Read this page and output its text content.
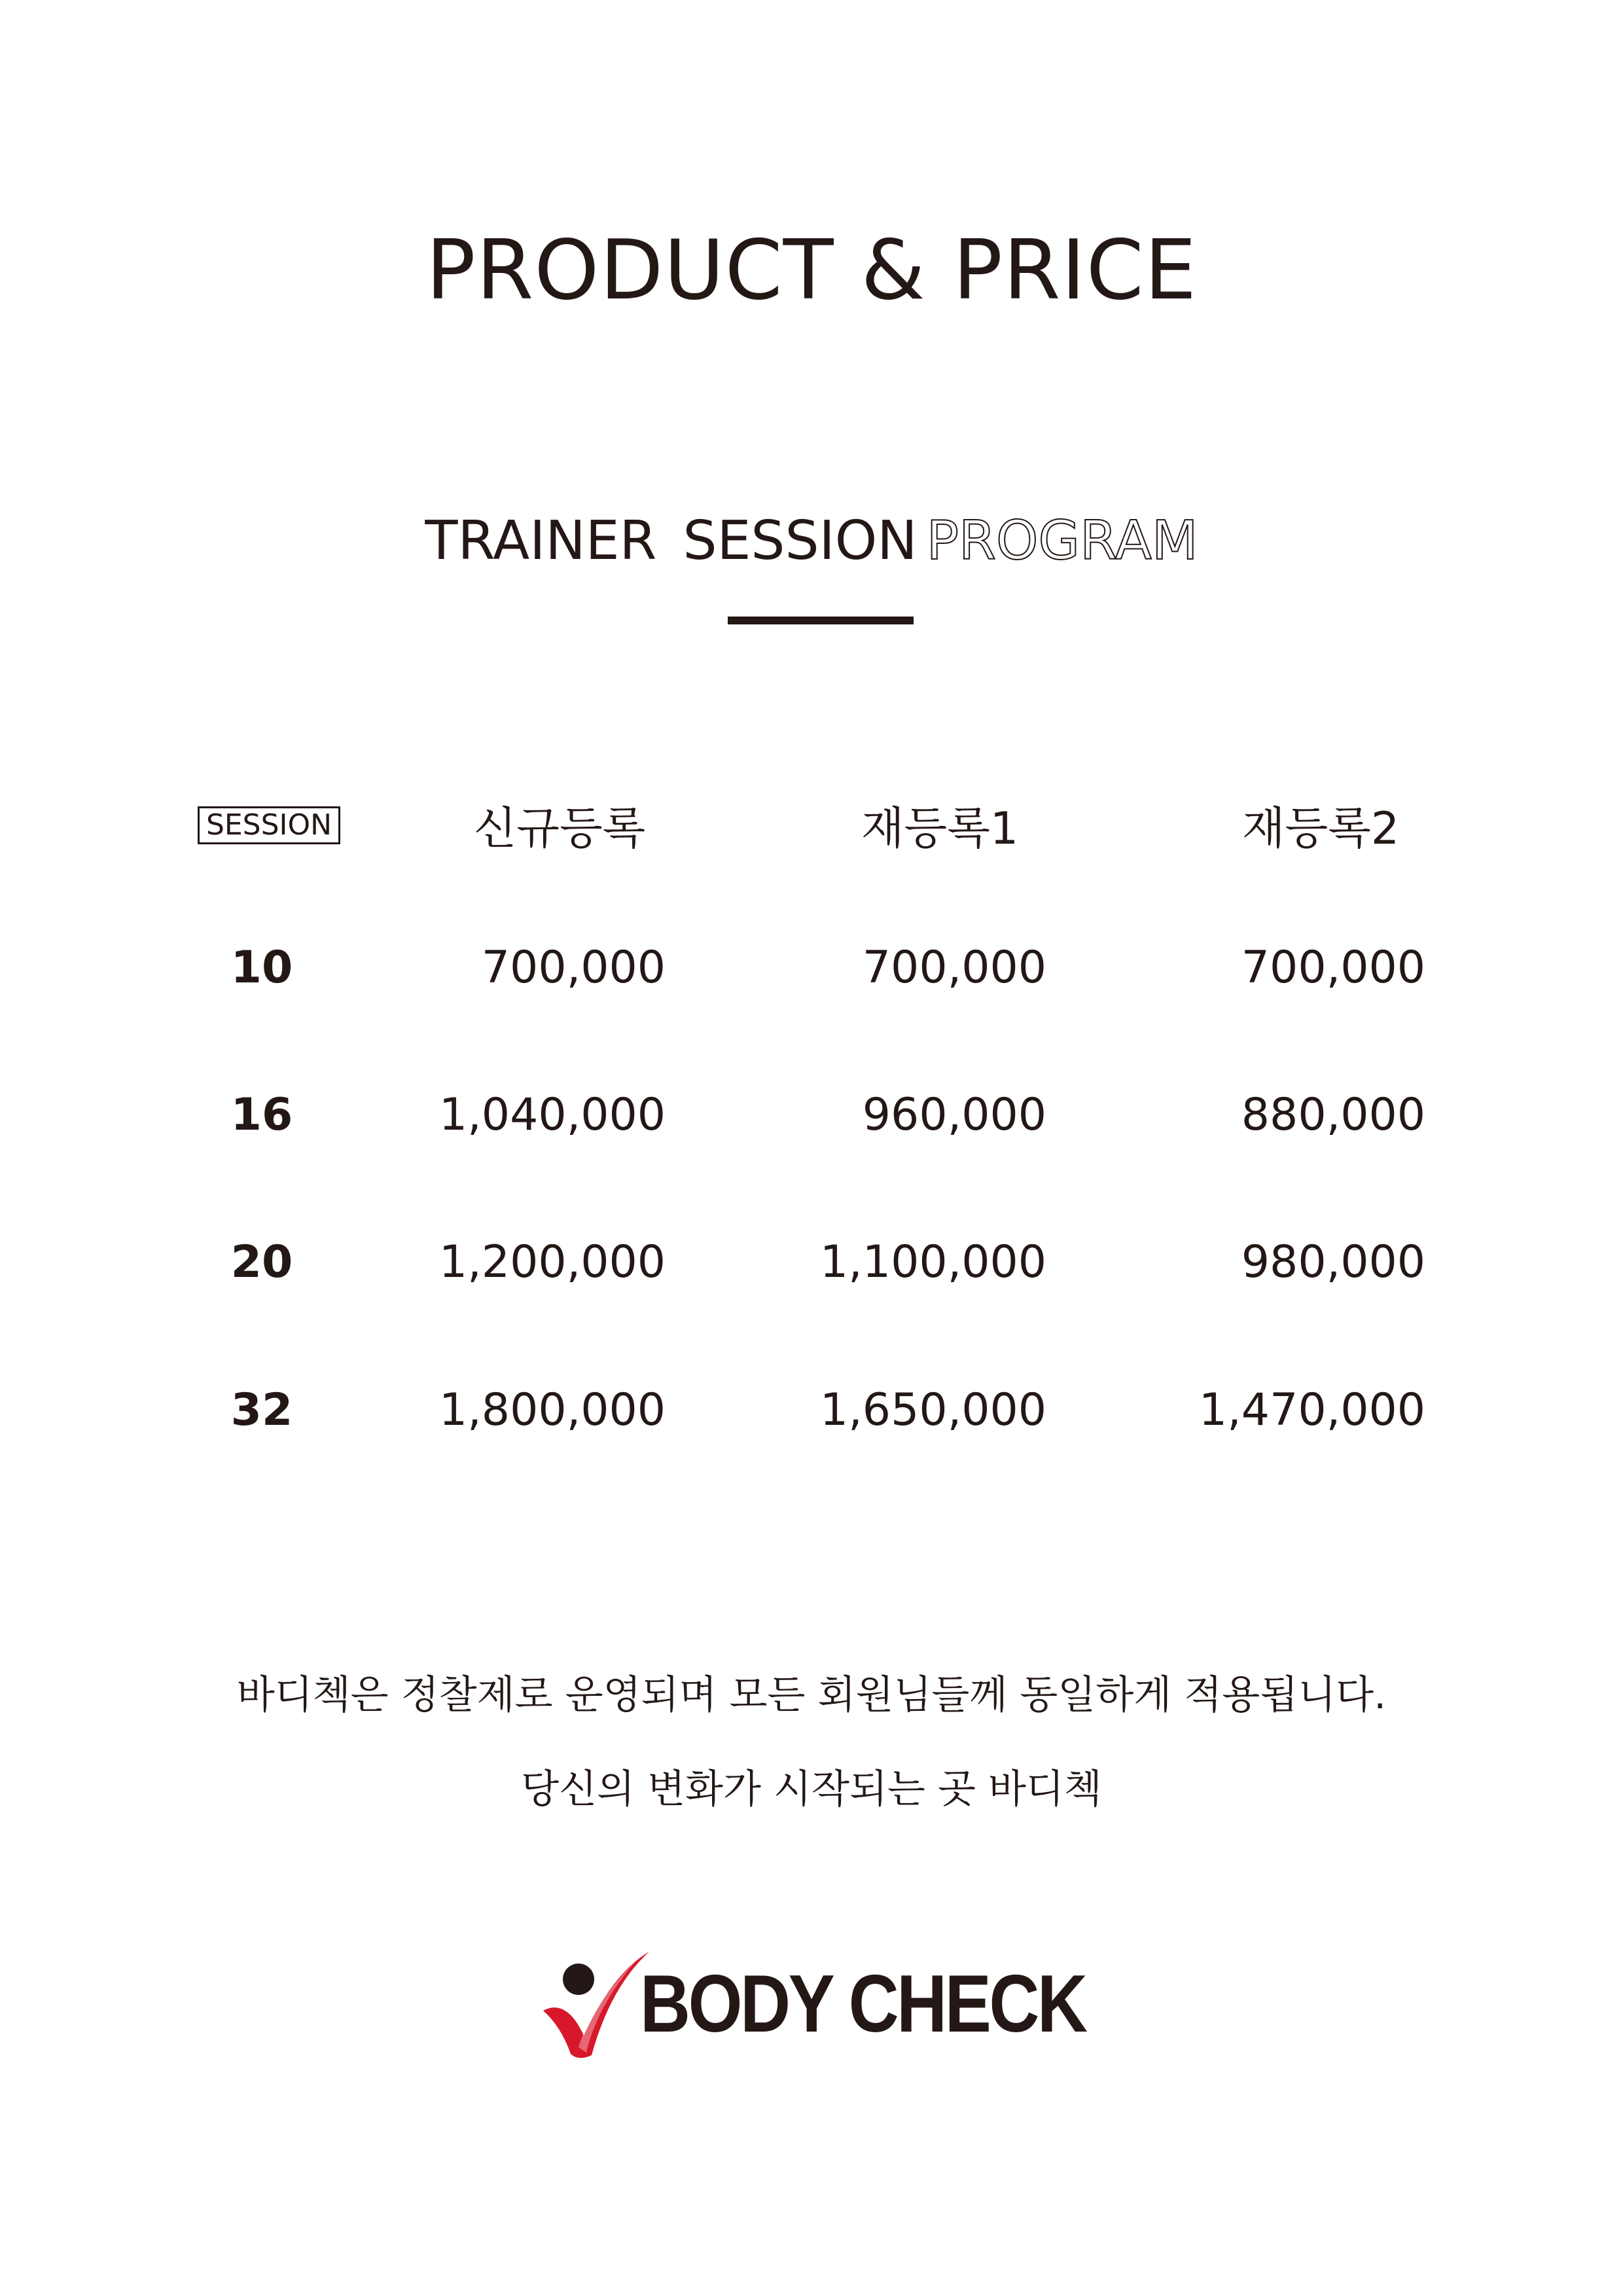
PRODUCT & PRICE
TRAINER SESSION PROGRAM
SESSION	신규등록	재등록1	재등록2
10	700,000	700,000	700,000
16	1,040,000	960,000	880,000
20	1,200,000	1,100,000	980,000
32	1,800,000	1,650,000	1,470,000
바디첵은 정찰제로 운영되며 모든 회원님들께 동일하게 적용됩니다.
당신의 변화가 시작되는 곳 바디첵
BODY CHECK
